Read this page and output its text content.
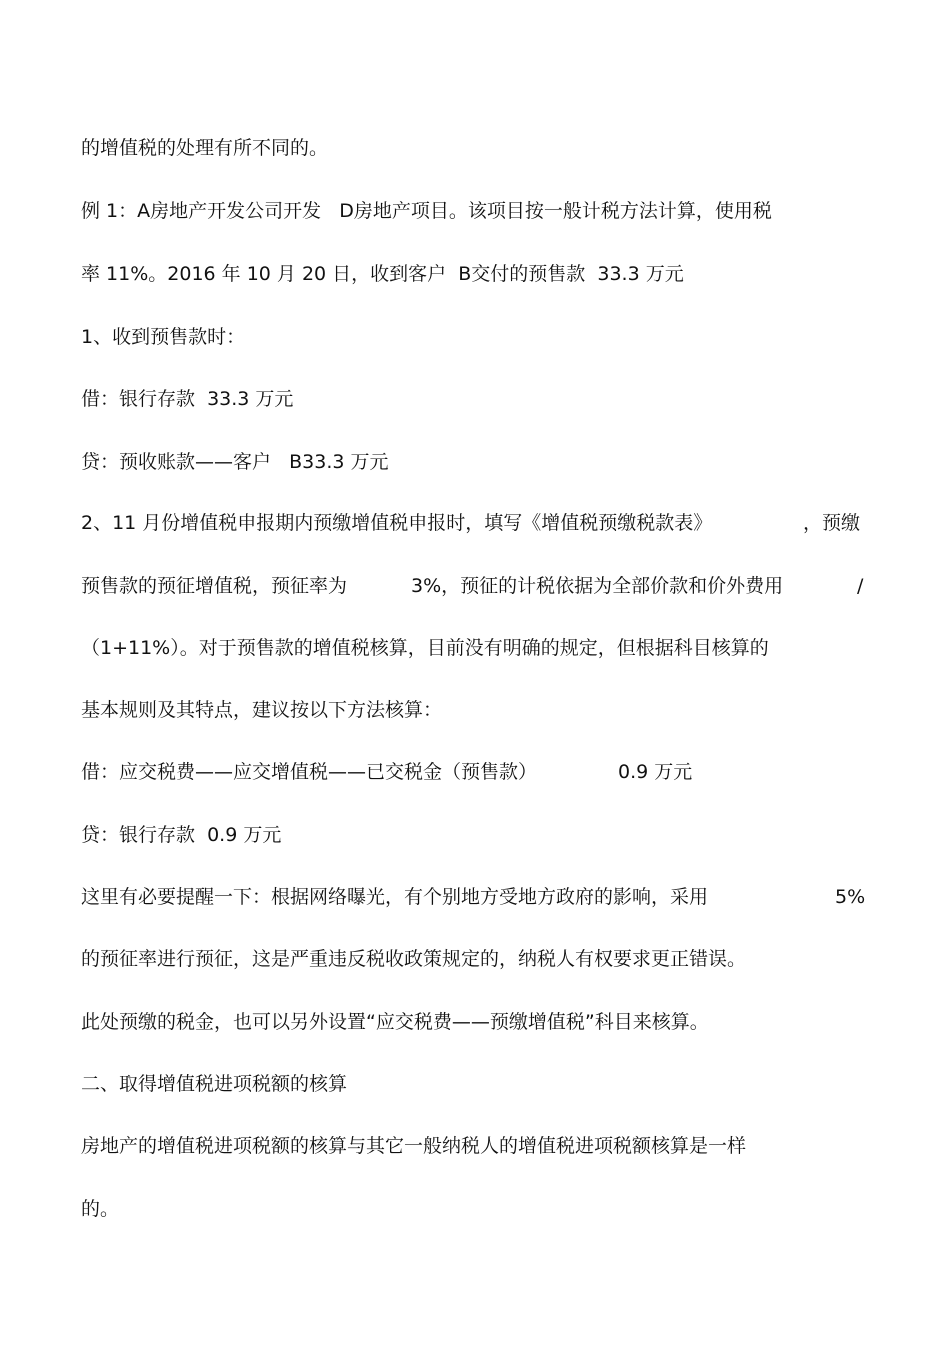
的增值税的处理有所不同的。
例 1：A房地产开发公司开发   D房地产项目。该项目按一般计税方法计算，使用税
率 11%。2016 年 10 月 20 日，收到客户  B交付的预售款  33.3 万元
1、收到预售款时：
借：银行存款  33.3 万元
贷：预收账款——客户   B33.3 万元

2、11 月份增值税申报期内预缴增值税申报时，填写《增值税预缴税款表》

	，预缴

预售款的预征增值税，预征率为

	3%，预征的计税依据为全部价款和价外费用

	/

（1+11%）。对于预售款的增值税核算，目前没有明确的规定，但根据科目核算的
基本规则及其特点，建议按以下方法核算：

借：应交税费——应交增值税——已交税金（预售款）

	0.9 万元

贷：银行存款  0.9 万元

这里有必要提醒一下：根据网络曝光，有个别地方受地方政府的影响，采用

	5%

的预征率进行预征，这是严重违反税收政策规定的，纳税人有权要求更正错误。
此处预缴的税金，也可以另外设置“应交税费——预缴增值税”科目来核算。
二、取得增值税进项税额的核算
房地产的增值税进项税额的核算与其它一般纳税人的增值税进项税额核算是一样
的。
